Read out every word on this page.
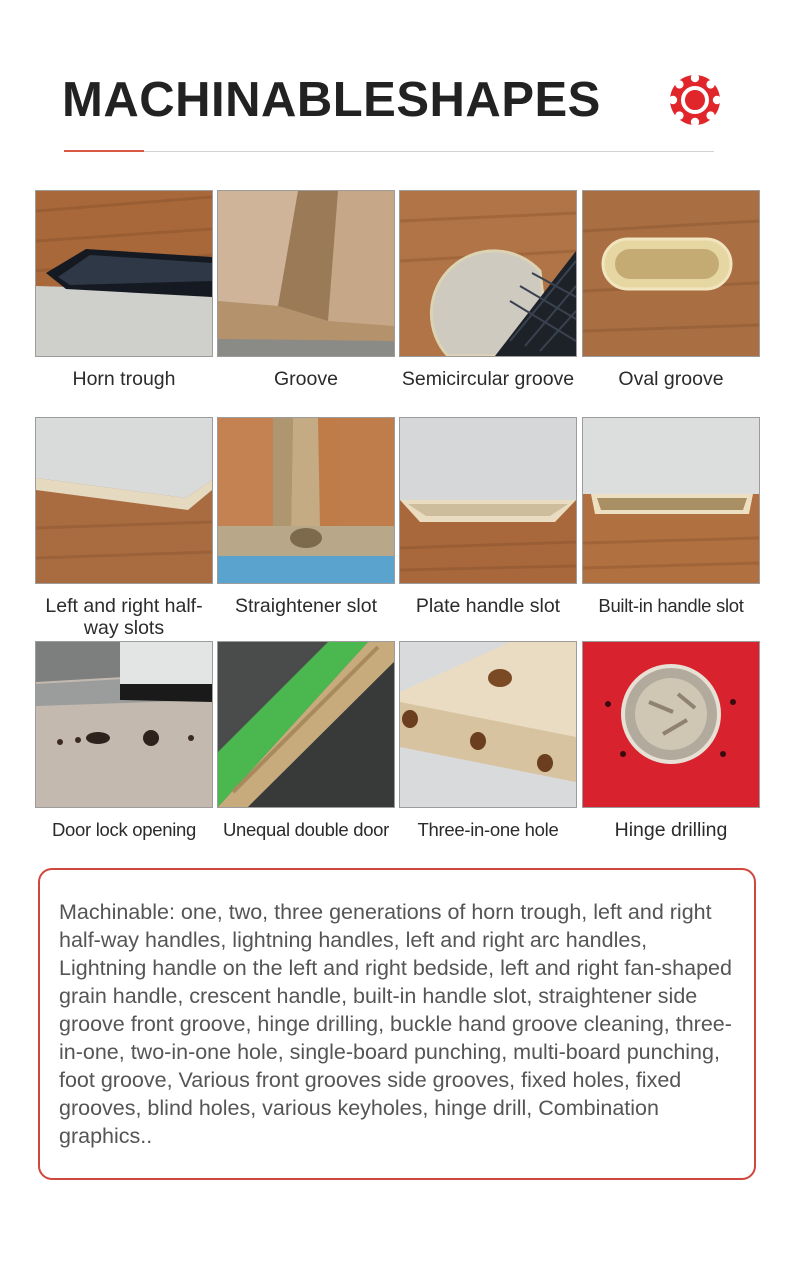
MACHINABLESHAPES
Horn trough	Groove	Semicircular groove	Oval groove
Left and right half-way slots
Straightener slot	Plate handle slot	Built-in handle slot
Door lock opening	Unequal double door	Three-in-one hole	Hinge drilling

Machinable: one, two, three generations of horn trough, left and right half-way handles, lightning handles, left and right arc handles, Lightning handle on the left and right bedside, left and right fan-shaped grain handle, crescent handle, built-in handle slot, straightener side groove front groove, hinge drilling, buckle hand groove cleaning, three-in-one, two-in-one hole, single-board punching, multi-board punching, foot groove, Various front grooves side grooves, fixed holes, fixed grooves, blind holes, various keyholes, hinge drill, Combination graphics..
